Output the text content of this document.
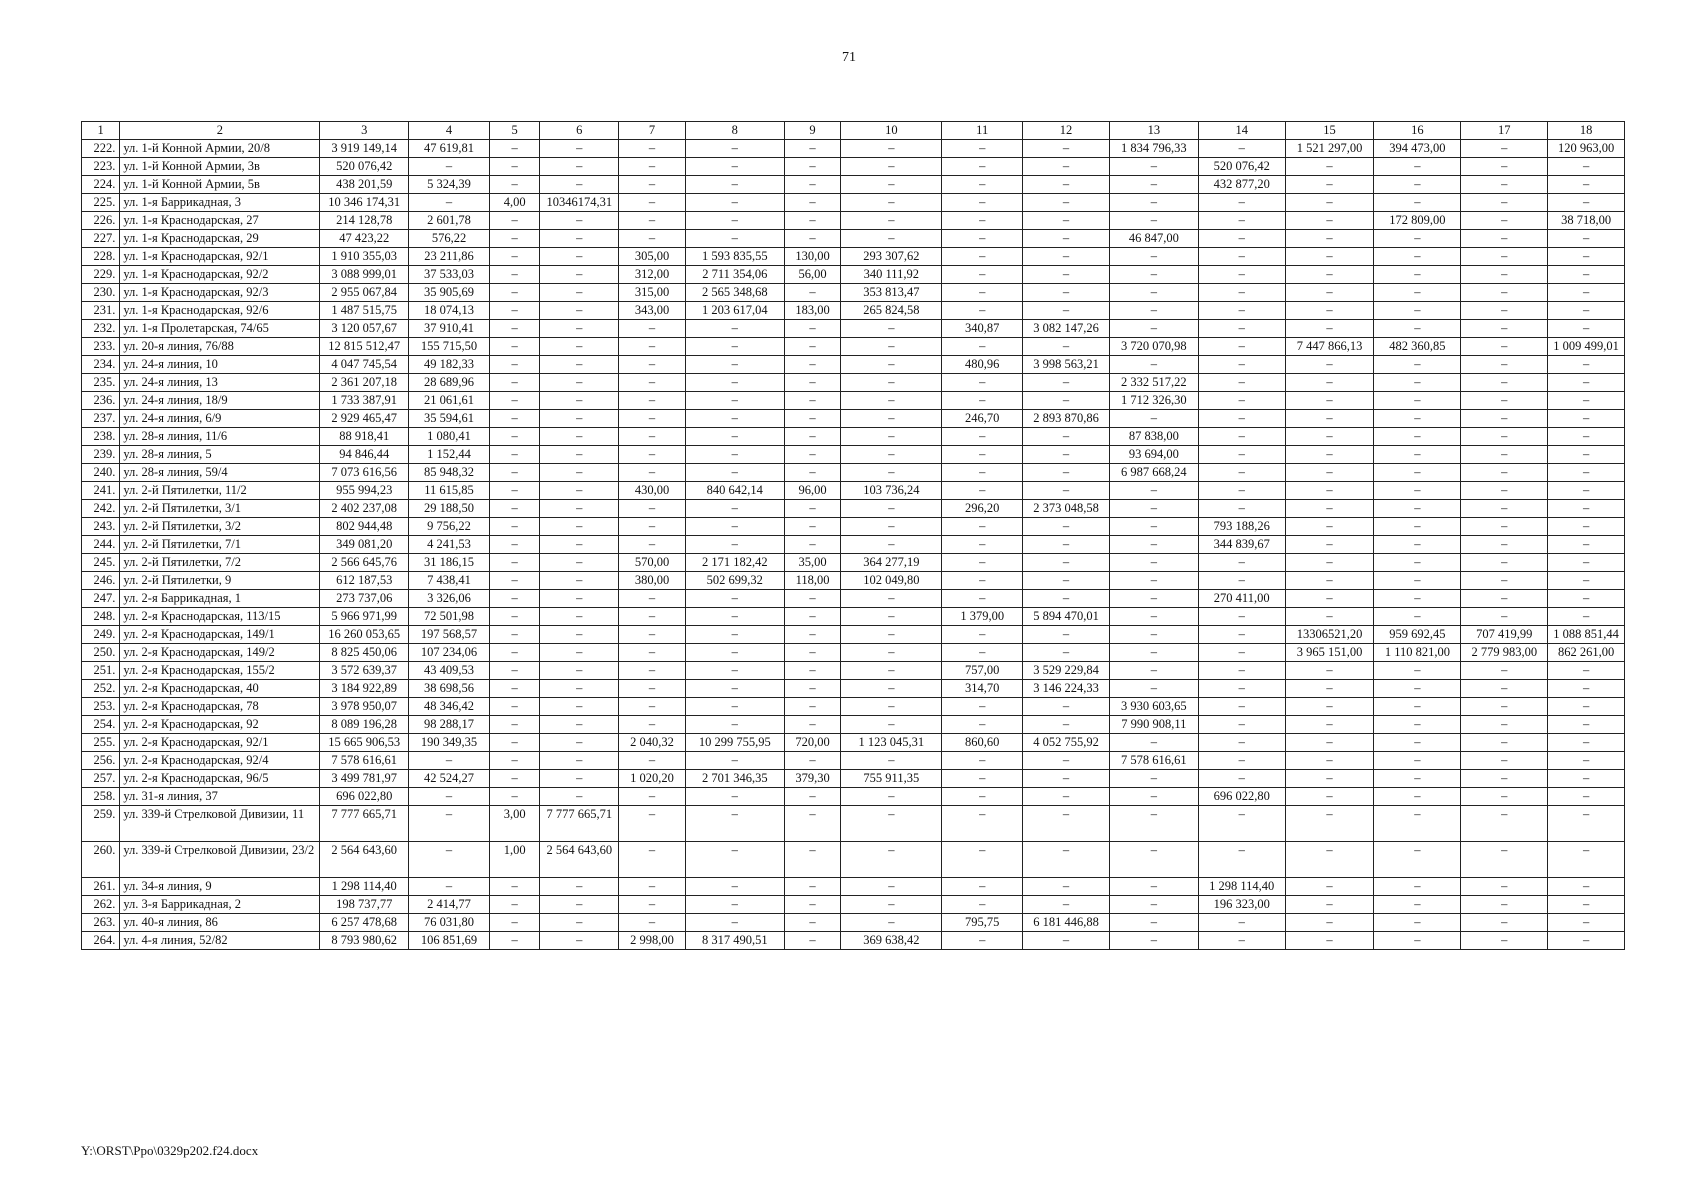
71
1	2	3	4	5	6	7	8	9	10	11	12	13	14	15	16	17	18
222.	ул. 1-й Конной Армии, 20/8	3 919 149,14	47 619,81	–	–	–	–	–	–	–	–	1 834 796,33	–	1 521 297,00	394 473,00	–	120 963,00
223.	ул. 1-й Конной Армии, 3в	520 076,42	–	–	–	–	–	–	–	–	–	–	520 076,42	–	–	–	–
224.	ул. 1-й Конной Армии, 5в	438 201,59	5 324,39	–	–	–	–	–	–	–	–	–	432 877,20	–	–	–	–
225.	ул. 1-я Баррикадная, 3	10 346 174,31	–	4,00	10346174,31	–	–	–	–	–	–	–	–	–	–	–	–
226.	ул. 1-я Краснодарская, 27	214 128,78	2 601,78	–	–	–	–	–	–	–	–	–	–	–	172 809,00	–	38 718,00
227.	ул. 1-я Краснодарская, 29	47 423,22	576,22	–	–	–	–	–	–	–	–	46 847,00	–	–	–	–	–
228.	ул. 1-я Краснодарская, 92/1	1 910 355,03	23 211,86	–	–	305,00	1 593 835,55	130,00	293 307,62	–	–	–	–	–	–	–	–
229.	ул. 1-я Краснодарская, 92/2	3 088 999,01	37 533,03	–	–	312,00	2 711 354,06	56,00	340 111,92	–	–	–	–	–	–	–	–
230.	ул. 1-я Краснодарская, 92/3	2 955 067,84	35 905,69	–	–	315,00	2 565 348,68	–	353 813,47	–	–	–	–	–	–	–	–
231.	ул. 1-я Краснодарская, 92/6	1 487 515,75	18 074,13	–	–	343,00	1 203 617,04	183,00	265 824,58	–	–	–	–	–	–	–	–
232.	ул. 1-я Пролетарская, 74/65	3 120 057,67	37 910,41	–	–	–	–	–	–	340,87	3 082 147,26	–	–	–	–	–	–
233.	ул. 20-я линия, 76/88	12 815 512,47	155 715,50	–	–	–	–	–	–	–	–	3 720 070,98	–	7 447 866,13	482 360,85	–	1 009 499,01
234.	ул. 24-я линия, 10	4 047 745,54	49 182,33	–	–	–	–	–	–	480,96	3 998 563,21	–	–	–	–	–	–
235.	ул. 24-я линия, 13	2 361 207,18	28 689,96	–	–	–	–	–	–	–	–	2 332 517,22	–	–	–	–	–
236.	ул. 24-я линия, 18/9	1 733 387,91	21 061,61	–	–	–	–	–	–	–	–	1 712 326,30	–	–	–	–	–
237.	ул. 24-я линия, 6/9	2 929 465,47	35 594,61	–	–	–	–	–	–	246,70	2 893 870,86	–	–	–	–	–	–
238.	ул. 28-я линия, 11/6	88 918,41	1 080,41	–	–	–	–	–	–	–	–	87 838,00	–	–	–	–	–
239.	ул. 28-я линия, 5	94 846,44	1 152,44	–	–	–	–	–	–	–	–	93 694,00	–	–	–	–	–
240.	ул. 28-я линия, 59/4	7 073 616,56	85 948,32	–	–	–	–	–	–	–	–	6 987 668,24	–	–	–	–	–
241.	ул. 2-й Пятилетки, 11/2	955 994,23	11 615,85	–	–	430,00	840 642,14	96,00	103 736,24	–	–	–	–	–	–	–	–
242.	ул. 2-й Пятилетки, 3/1	2 402 237,08	29 188,50	–	–	–	–	–	–	296,20	2 373 048,58	–	–	–	–	–	–
243.	ул. 2-й Пятилетки, 3/2	802 944,48	9 756,22	–	–	–	–	–	–	–	–	–	793 188,26	–	–	–	–
244.	ул. 2-й Пятилетки, 7/1	349 081,20	4 241,53	–	–	–	–	–	–	–	–	–	344 839,67	–	–	–	–
245.	ул. 2-й Пятилетки, 7/2	2 566 645,76	31 186,15	–	–	570,00	2 171 182,42	35,00	364 277,19	–	–	–	–	–	–	–	–
246.	ул. 2-й Пятилетки, 9	612 187,53	7 438,41	–	–	380,00	502 699,32	118,00	102 049,80	–	–	–	–	–	–	–	–
247.	ул. 2-я Баррикадная, 1	273 737,06	3 326,06	–	–	–	–	–	–	–	–	–	270 411,00	–	–	–	–
248.	ул. 2-я Краснодарская, 113/15	5 966 971,99	72 501,98	–	–	–	–	–	–	1 379,00	5 894 470,01	–	–	–	–	–	–
249.	ул. 2-я Краснодарская, 149/1	16 260 053,65	197 568,57	–	–	–	–	–	–	–	–	–	–	13306521,20	959 692,45	707 419,99	1 088 851,44
250.	ул. 2-я Краснодарская, 149/2	8 825 450,06	107 234,06	–	–	–	–	–	–	–	–	–	–	3 965 151,00	1 110 821,00	2 779 983,00	862 261,00
251.	ул. 2-я Краснодарская, 155/2	3 572 639,37	43 409,53	–	–	–	–	–	–	757,00	3 529 229,84	–	–	–	–	–	–
252.	ул. 2-я Краснодарская, 40	3 184 922,89	38 698,56	–	–	–	–	–	–	314,70	3 146 224,33	–	–	–	–	–	–
253.	ул. 2-я Краснодарская, 78	3 978 950,07	48 346,42	–	–	–	–	–	–	–	–	3 930 603,65	–	–	–	–	–
254.	ул. 2-я Краснодарская, 92	8 089 196,28	98 288,17	–	–	–	–	–	–	–	–	7 990 908,11	–	–	–	–	–
255.	ул. 2-я Краснодарская, 92/1	15 665 906,53	190 349,35	–	–	2 040,32	10 299 755,95	720,00	1 123 045,31	860,60	4 052 755,92	–	–	–	–	–	–
256.	ул. 2-я Краснодарская, 92/4	7 578 616,61	–	–	–	–	–	–	–	–	–	7 578 616,61	–	–	–	–	–
257.	ул. 2-я Краснодарская, 96/5	3 499 781,97	42 524,27	–	–	1 020,20	2 701 346,35	379,30	755 911,35	–	–	–	–	–	–	–	–
258.	ул. 31-я линия, 37	696 022,80	–	–	–	–	–	–	–	–	–	–	696 022,80	–	–	–	–
259.	ул. 339-й Стрелковой Дивизии, 11	7 777 665,71	–	3,00	7 777 665,71	–	–	–	–	–	–	–	–	–	–	–	–
260.	ул. 339-й Стрелковой Дивизии, 23/2	2 564 643,60	–	1,00	2 564 643,60	–	–	–	–	–	–	–	–	–	–	–	–
261.	ул. 34-я линия, 9	1 298 114,40	–	–	–	–	–	–	–	–	–	–	1 298 114,40	–	–	–	–
262.	ул. 3-я Баррикадная, 2	198 737,77	2 414,77	–	–	–	–	–	–	–	–	–	196 323,00	–	–	–	–
263.	ул. 40-я линия, 86	6 257 478,68	76 031,80	–	–	–	–	–	–	795,75	6 181 446,88	–	–	–	–	–	–
264.	ул. 4-я линия, 52/82	8 793 980,62	106 851,69	–	–	2 998,00	8 317 490,51	–	369 638,42	–	–	–	–	–	–	–	–
Y:\ORST\Ppo\0329p202.f24.docx
